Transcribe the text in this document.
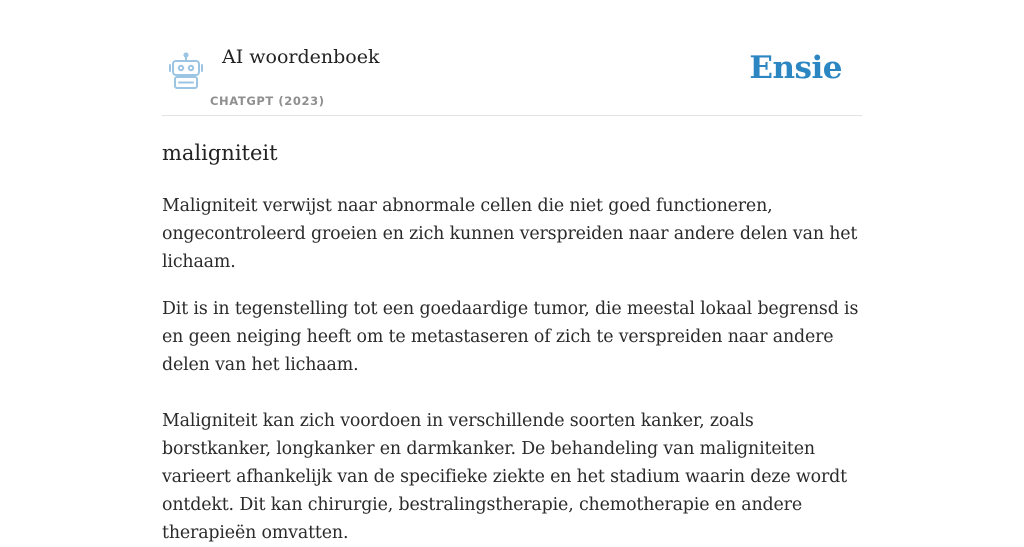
AI woordenboek
CHATGPT (2023)
Ensie
maligniteit

Maligniteit verwijst naar abnormale cellen die niet goed functioneren, ongecontroleerd groeien en zich kunnen verspreiden naar andere delen van het lichaam.

Dit is in tegenstelling tot een goedaardige tumor, die meestal lokaal begrensd is en geen neiging heeft om te metastaseren of zich te verspreiden naar andere delen van het lichaam.

Maligniteit kan zich voordoen in verschillende soorten kanker, zoals borstkanker, longkanker en darmkanker. De behandeling van maligniteiten varieert afhankelijk van de specifieke ziekte en het stadium waarin deze wordt ontdekt. Dit kan chirurgie, bestralingstherapie, chemotherapie en andere therapieën omvatten.
